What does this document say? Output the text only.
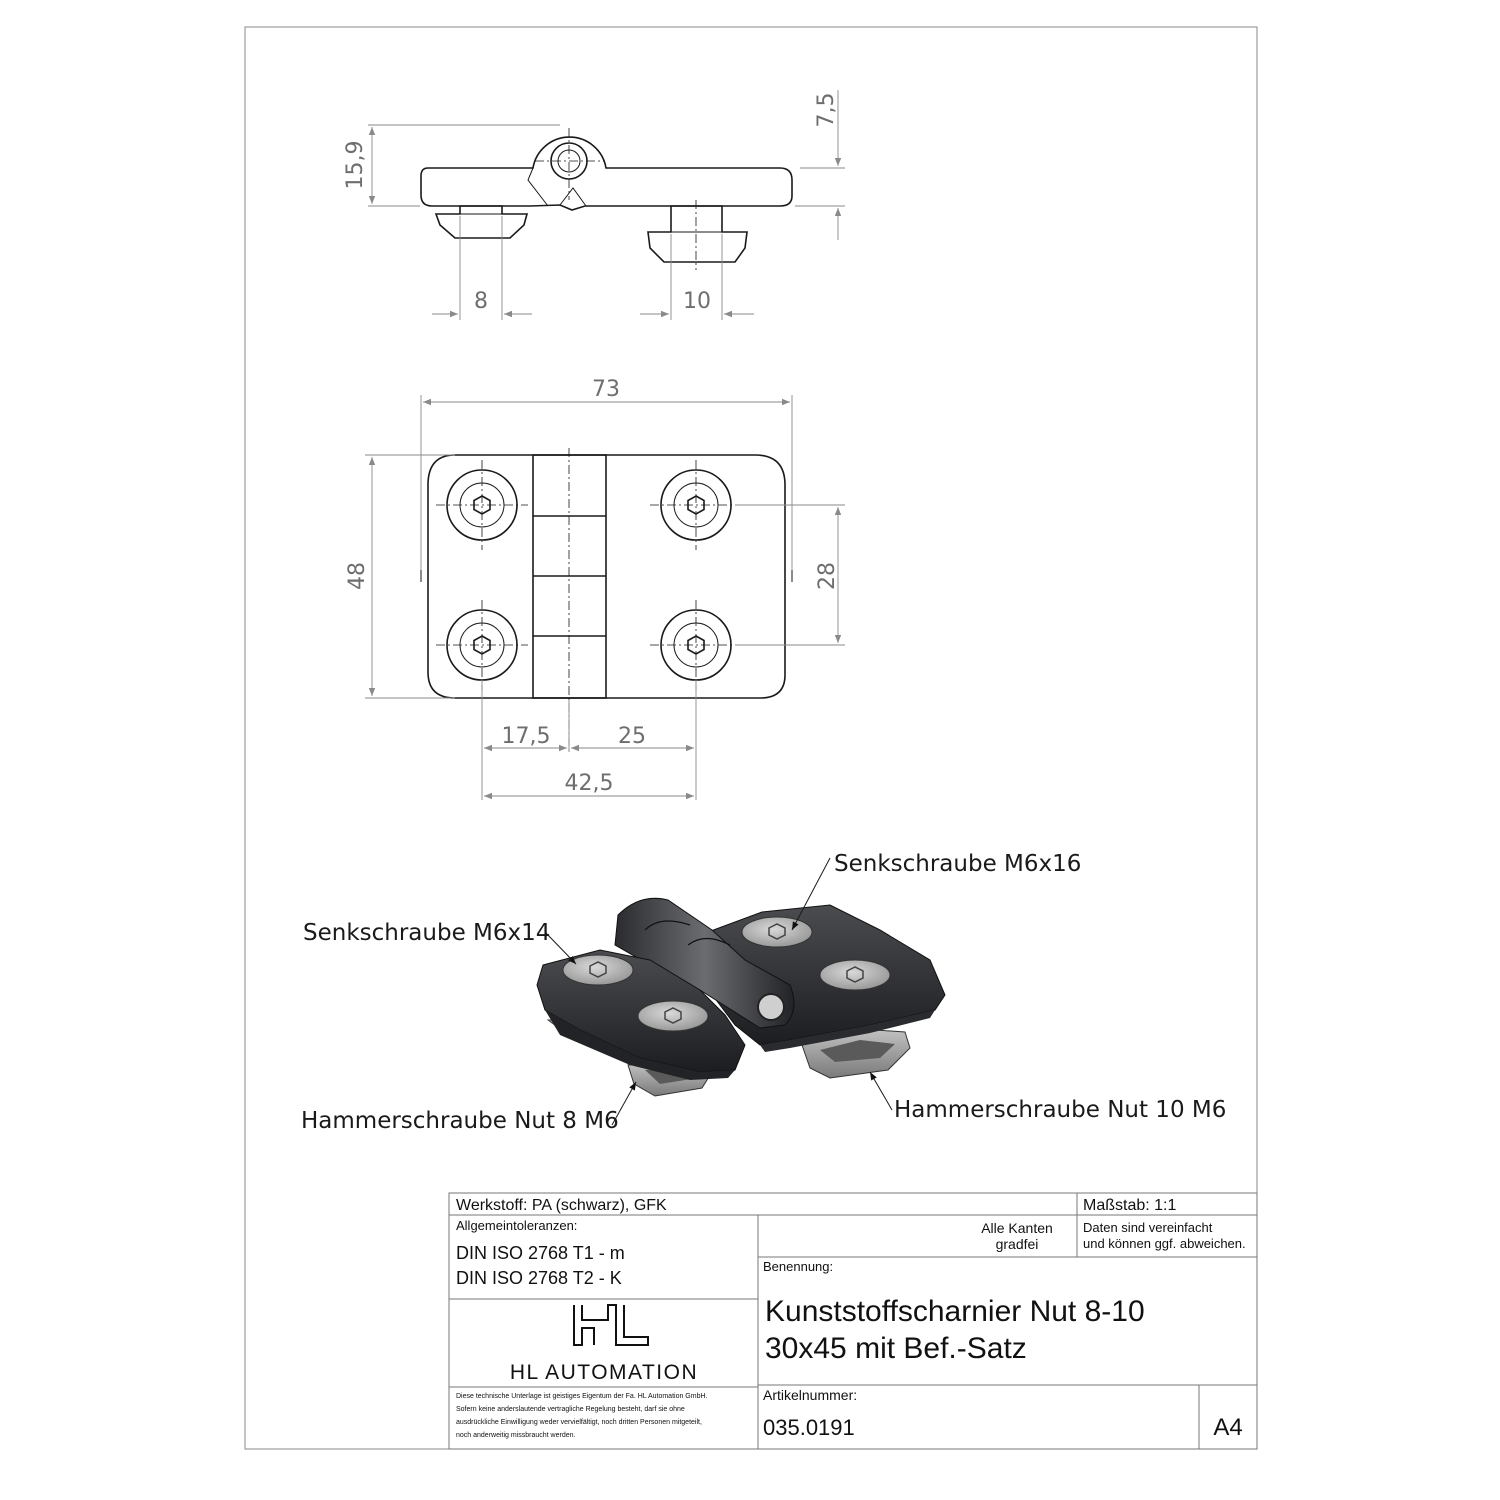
15,9
7,5
8	10
73
48	28
17,5	25
42,5
Senkschraube M6x16
Senkschraube M6x14
Hammerschraube Nut 8 M6	Hammerschraube Nut 10 M6
Werkstoff: PA (schwarz), GFK	Maßstab: 1:1
Allgemeintoleranzen:
DIN ISO 2768 T1 - m
DIN ISO 2768 T2 - K
Alle Kanten
gradfei
Daten sind vereinfacht
und können ggf. abweichen.
Benennung:
Kunststoffscharnier Nut 8-10
30x45 mit Bef.-Satz
HL AUTOMATION
Diese technische Unterlage ist geistiges Eigentum der Fa. HL Automation GmbH.
Sofern keine anderslautende vertragliche Regelung besteht, darf sie ohne
ausdrückliche Einwilligung weder vervielfältigt, noch dritten Personen mitgeteilt,
noch anderweitig missbraucht werden.
Artikelnummer:
035.0191	A4
